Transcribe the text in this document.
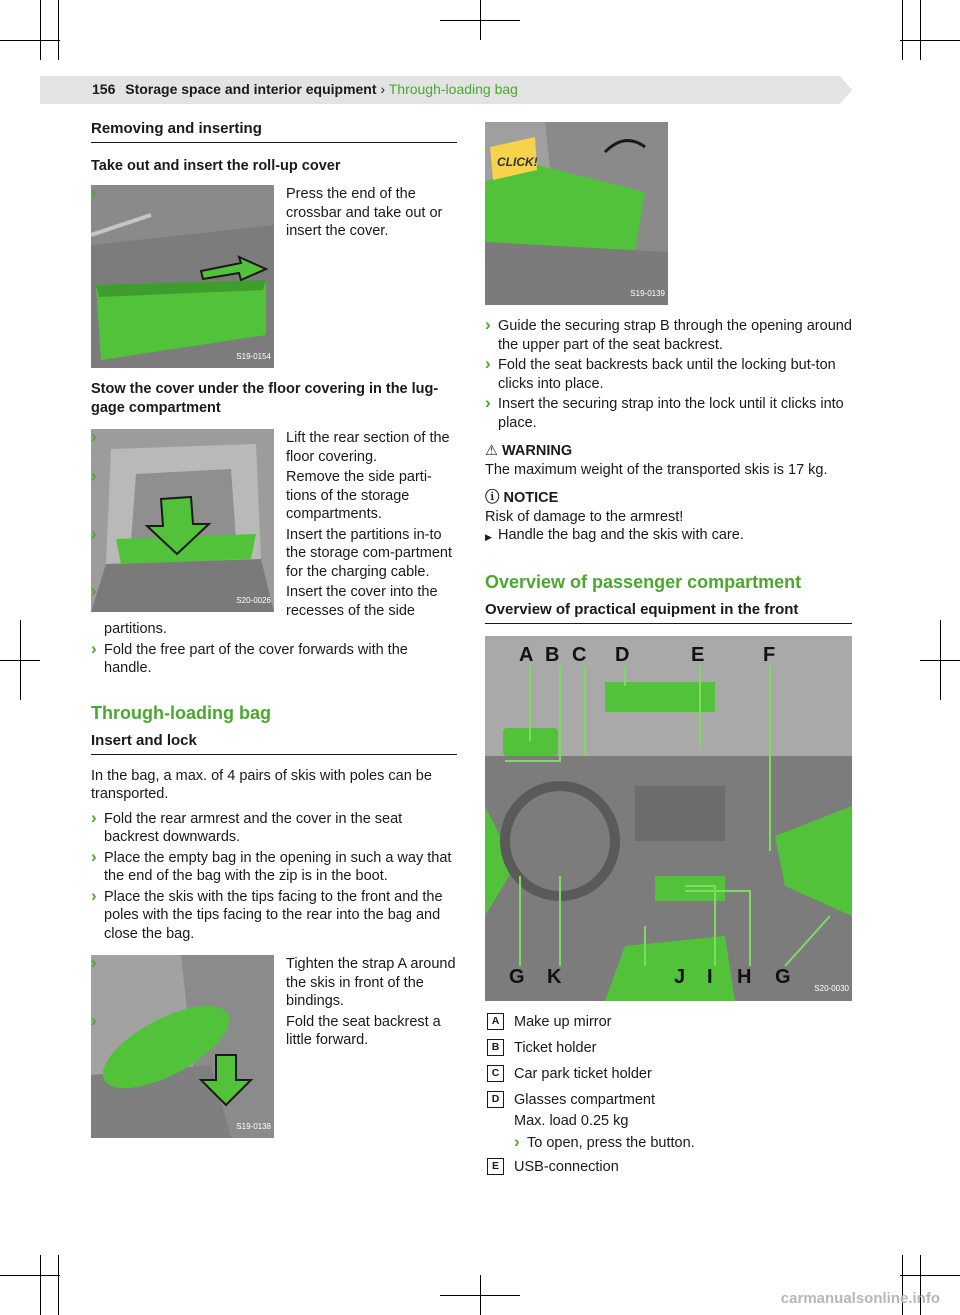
156 Storage space and interior equipment › Through-loading bag
Removing and inserting
Take out and insert the roll-up cover
S19-0154
› Press the end of the crossbar and take out or insert the cover.
Stow the cover under the floor covering in the lug-gage compartment
S20-0026
› Lift the rear section of the floor covering.
› Remove the side parti-tions of the storage compartments.
› Insert the partitions in-to the storage com-partment for the charging cable.
› Insert the cover into the recesses of the side partitions.
› Fold the free part of the cover forwards with the handle.
Through-loading bag
Insert and lock
In the bag, a max. of 4 pairs of skis with poles can be transported.
› Fold the rear armrest and the cover in the seat backrest downwards.
› Place the empty bag in the opening in such a way that the end of the bag with the zip is in the boot.
› Place the skis with the tips facing to the front and the poles with the tips facing to the rear into the bag and close the bag.
S19-0138
› Tighten the strap A around the skis in front of the bindings.
› Fold the seat backrest a little forward.
CLICK!
S19-0139
› Guide the securing strap B through the opening around the upper part of the seat backrest.
› Fold the seat backrests back until the locking but-ton clicks into place.
› Insert the securing strap into the lock until it clicks into place.
⚠ WARNING
The maximum weight of the transported skis is 17 kg.
ⓘ NOTICE
Risk of damage to the armrest!
▶ Handle the bag and the skis with care.
Overview of passenger compartment
Overview of practical equipment in the front
A B C D	E	F
G K	J I H G
S20-0030
A	Make up mirror
B	Ticket holder
C	Car park ticket holder
D	Glasses compartment
Max. load 0.25 kg
› To open, press the button.
E	USB-connection
carmanualsonline.info
